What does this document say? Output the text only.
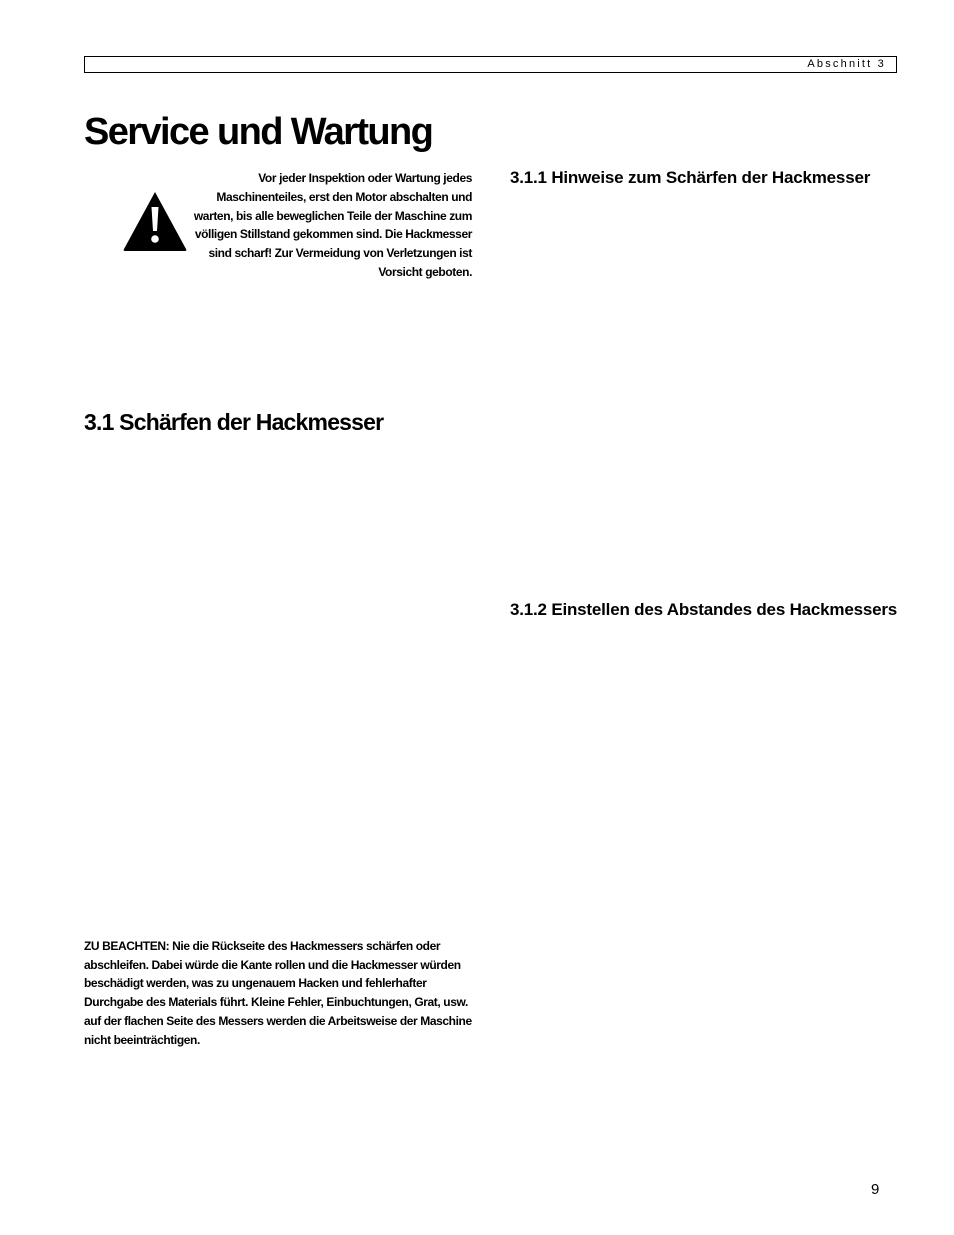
Abschnitt 3
Service und Wartung

Vor jeder Inspektion oder Wartung jedes Maschinenteiles, erst den Motor abschalten und warten, bis alle beweglichen Teile der Maschine zum völligen Stillstand gekommen sind. Die Hackmesser sind scharf! Zur Vermeidung von Verletzungen ist Vorsicht geboten.

3.1 Schärfen der Hackmesser
3.1.1 Hinweise zum Schärfen der Hackmesser
3.1.2 Einstellen des Abstandes des Hackmessers

ZU BEACHTEN: Nie die Rückseite des Hackmessers schärfen oder abschleifen. Dabei würde die Kante rollen und die Hackmesser würden beschädigt werden, was zu ungenauem Hacken und fehlerhafter Durchgabe des Materials führt. Kleine Fehler, Einbuchtungen, Grat, usw. auf der flachen Seite des Messers werden die Arbeitsweise der Maschine nicht beeinträchtigen.

9
